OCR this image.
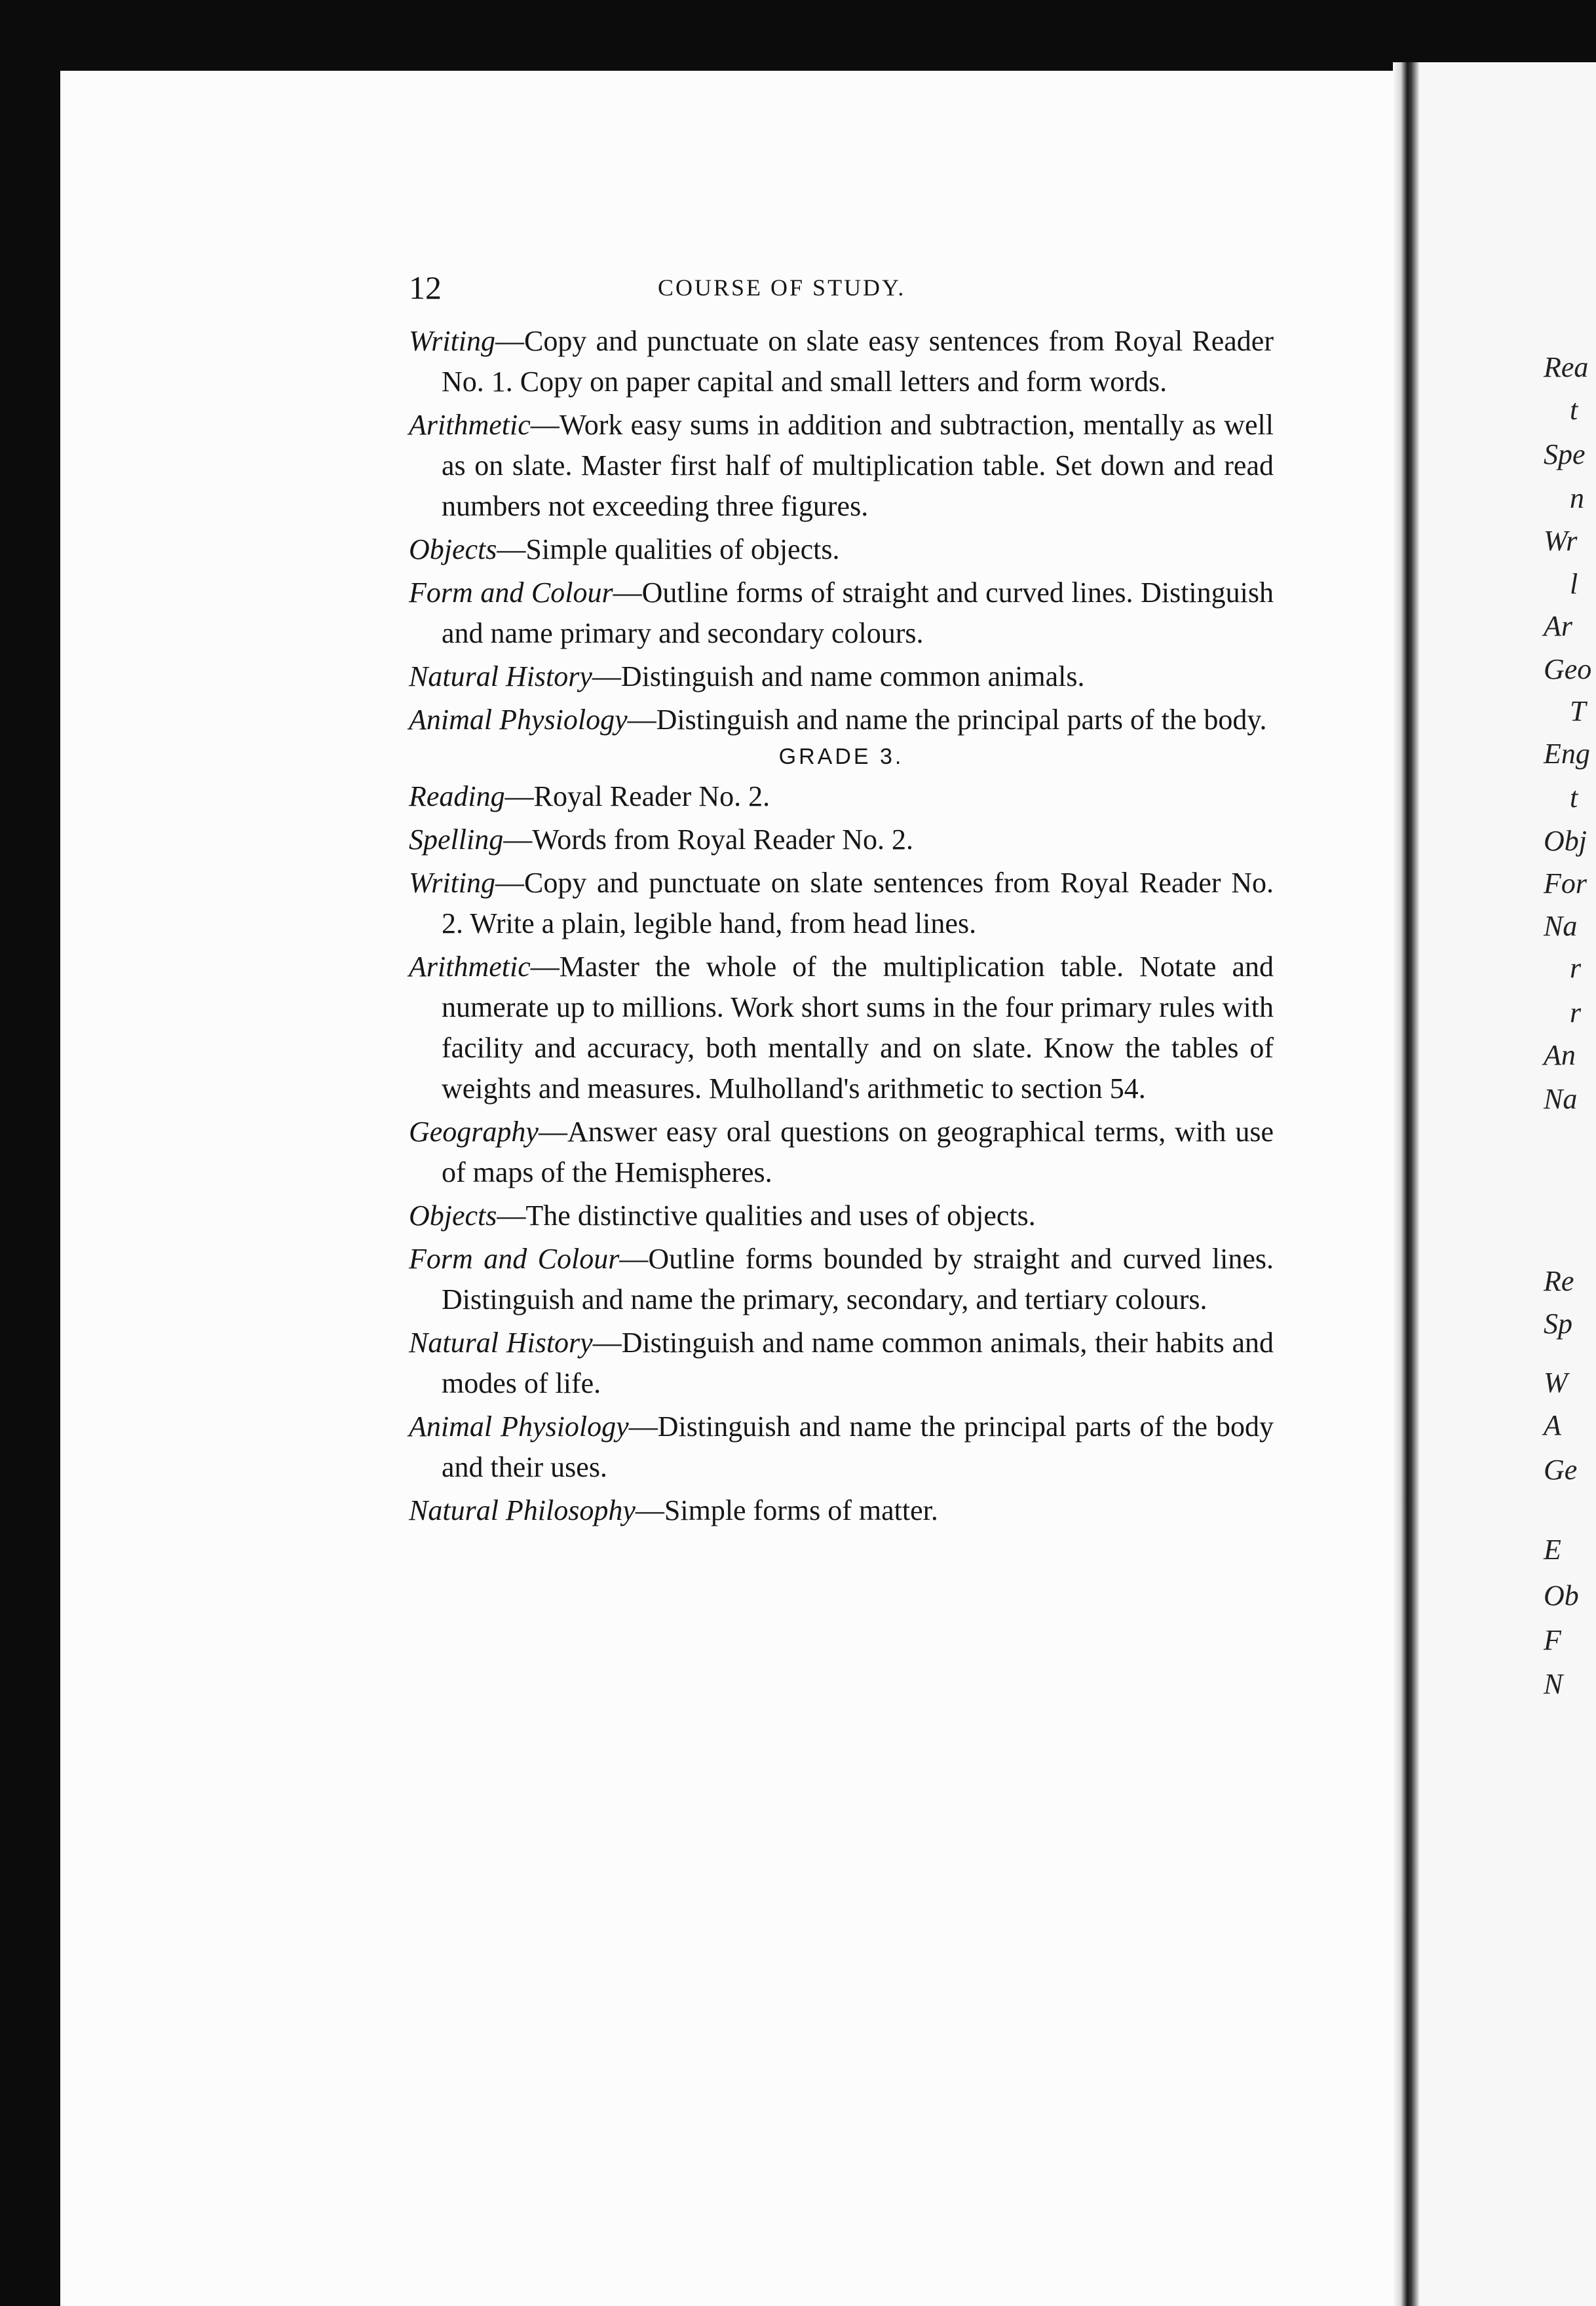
Rea
t
Spe
n
Wr
l
Ar
Geo
T
Eng
t
Obj
For
Na
r
r
An
Na
Re
Sp
W
A
Ge
E
Ob
F
N
12	COURSE OF STUDY.

Writing—Copy and punctuate on slate easy sentences from Royal Reader No. 1. Copy on paper capital and small letters and form words.

Arithmetic—Work easy sums in addition and subtraction, mentally as well as on slate. Master first half of multiplication table. Set down and read numbers not exceeding three figures.

Objects—Simple qualities of objects.

Form and Colour—Outline forms of straight and curved lines. Distinguish and name primary and secondary colours.

Natural History—Distinguish and name common animals.

Animal Physiology—Distinguish and name the principal parts of the body.

GRADE 3.

Reading—Royal Reader No. 2.

Spelling—Words from Royal Reader No. 2.

Writing—Copy and punctuate on slate sentences from Royal Reader No. 2. Write a plain, legible hand, from head lines.

Arithmetic—Master the whole of the multiplication table. Notate and numerate up to millions. Work short sums in the four primary rules with facility and accuracy, both mentally and on slate. Know the tables of weights and measures. Mulholland's arithmetic to section 54.

Geography—Answer easy oral questions on geographical terms, with use of maps of the Hemispheres.

Objects—The distinctive qualities and uses of objects.

Form and Colour—Outline forms bounded by straight and curved lines. Distinguish and name the primary, secondary, and tertiary colours.

Natural History—Distinguish and name common animals, their habits and modes of life.

Animal Physiology—Distinguish and name the principal parts of the body and their uses.

Natural Philosophy—Simple forms of matter.
